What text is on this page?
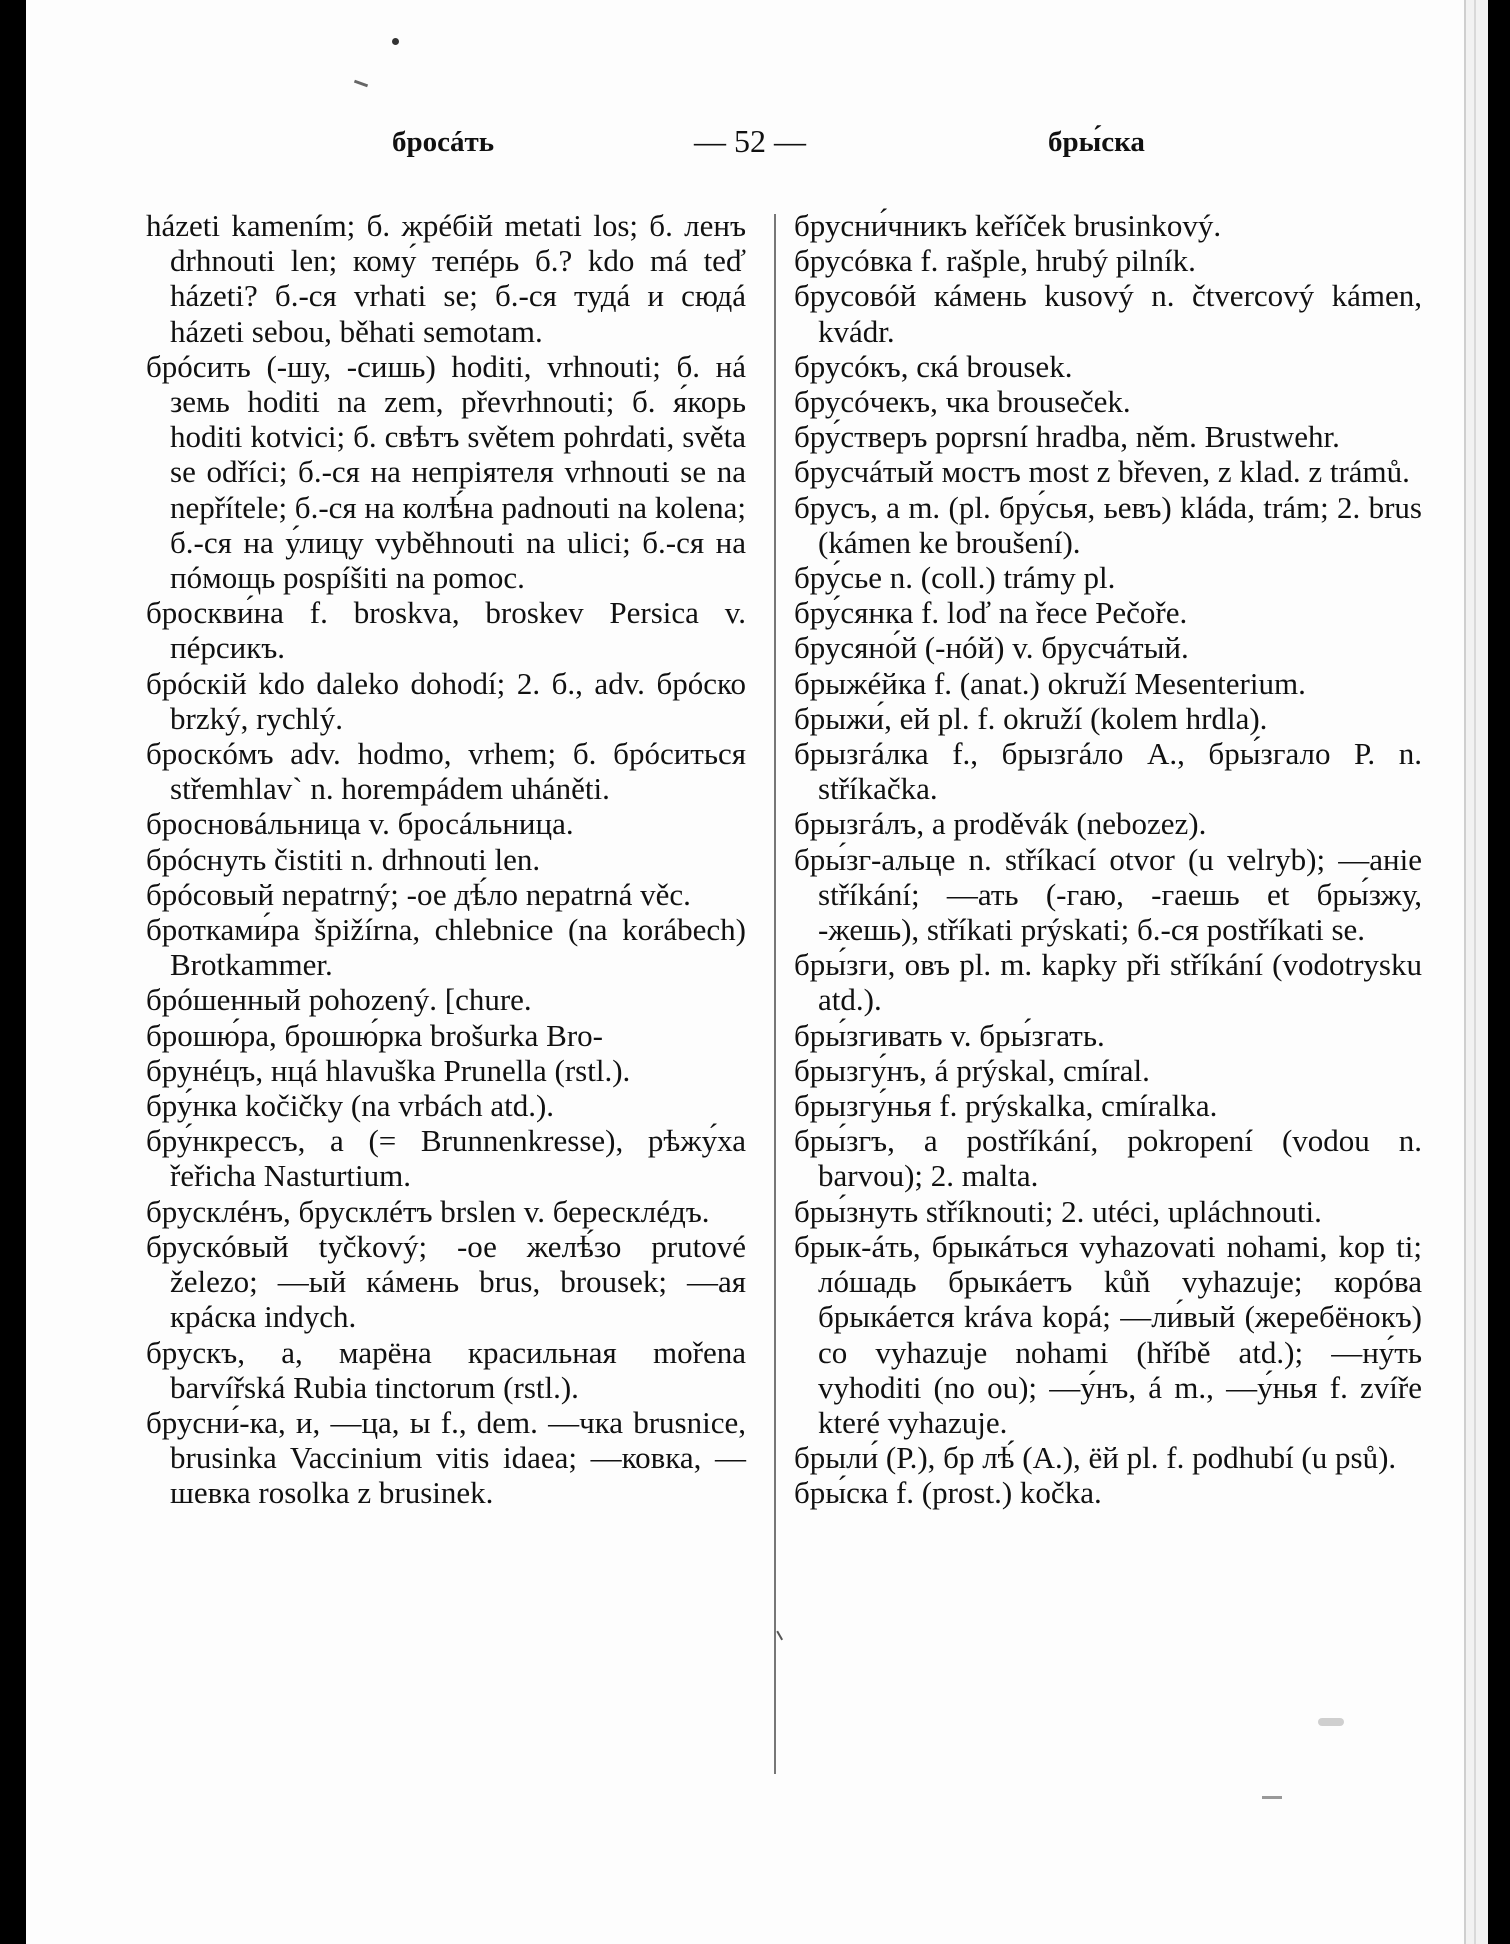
бросáть	— 52 —	бры́ска

házeti kamením; б. жрéбій metati los; б. ленъ drhnouti len; кому́ тепéрь б.? kdo má teď házeti? б.-ся vrhati se; б.-ся тудá и сюдá házeti sebou, běhati semotam.

брóсить (-шу, -сишь) hoditi, vrhnouti; б. нá земь hoditi na zem, převrhnouti; б. я́корь hoditi kotvici; б. свѣтъ světem pohrdati, světa se odříci; б.-ся на непріятеля vrhnouti se na nepřítele; б.-ся на колѣ́на padnouti na kolena; б.-ся на у́лицу vyběhnouti na ulici; б.-ся на пóмощь pospíšiti na pomoc.

броскви́на f. broskva, broskev Persica v. пéрсикъ.

брóскій kdo daleko dohodí; 2. б., adv. брóско brzký, rychlý.

броскóмъ adv. hodmo, vrhem; б. брóситься střemhlav` n. horempádem uháněti.

бросновáльница v. бросáльница.

брóснуть čistiti n. drhnouti len.

брóсовый nepatrný; -ое дѣ́ло nepatrná věc.

бротками́ра špižírna, chlebnice (na korábech) Brotkammer.

брóшенный pohozený. [chure.

брошю́ра, брошю́рка brošurka Bro-

брунéцъ, нцá hlavuška Prunella (rstl.).

бру́нка kočičky (na vrbách atd.).

бру́нкрессъ, а (= Brunnenkresse), рѣжу́ха řeřicha Nasturtium.

брусклéнъ, брусклéтъ brslen v. бересклéдъ.

брускóвый tyčkový; -ое желѣ́зо prutové železo; —ый кáмень brus, brousek; —ая крáска indych.

брускъ, а, марёна красильная mořena barvířská Rubia tinctorum (rstl.).

брусни́-ка, и, —ца, ы f., dem. —чка brusnice, brusinka Vaccinium vitis idaea; —ковка, —шевка rosolka z brusinek.

брусни́чникъ keříček brusinkový.

брусóвка f. rašple, hrubý pilník.

брусовóй кáмень kusový n. čtvercový kámen, kvádr.

брусóкъ, скá brousek.

брусóчекъ, чка brouseček.

бру́стверъ poprsní hradba, něm. Brustwehr.

брусчáтый мостъ most z břeven, z klad. z trámů.

брусъ, а m. (pl. бру́сья, ьевъ) kláda, trám; 2. brus (kámen ke broušení).

бру́сье n. (coll.) trámy pl.

бру́сянка f. loď na řece Pečoře.

брусяно́й (-нóй) v. брусчáтый.

брыжéйка f. (anat.) okruží Mesenterium.

брыжи́, ей pl. f. okruží (kolem hrdla).

брызгáлка f., брызгáло А., бры́згало Р. n. stříkačka.

брызгáлъ, а proděvák (nebozez).

бры́зг-альце n. stříkací otvor (u velryb); —аніе stříkání; —ать (-гаю, -гаешь et бры́зжу, -жешь), stříkati prýskati; б.-ся postříkati se.

бры́зги, овъ pl. m. kapky při stříkání (vodotrysku atd.).

бры́згивать v. бры́згать.

брызгу́нъ, á prýskal, cmíral.

брызгу́нья f. prýskalka, cmíralka.

бры́згъ, а postříkání, pokropení (vodou n. barvou); 2. malta.

бры́знуть stříknouti; 2. utéci, upláchnouti.

брык-áть, брыкáться vyhazovati nohami, kop ti; лóшадь брыкáетъ kůň vyhazuje; корóва брыкáется kráva kopá; —ли́вый (жеребёнокъ) co vyhazuje nohami (hříbě atd.); —ну́ть vyhoditi (no ou); —у́нъ, á m., —у́нья f. zvíře které vyhazuje.

брыли́ (Р.), бр лѣ́ (А.), ёй pl. f. podhubí (u psů).

бры́ска f. (prost.) kočka.
